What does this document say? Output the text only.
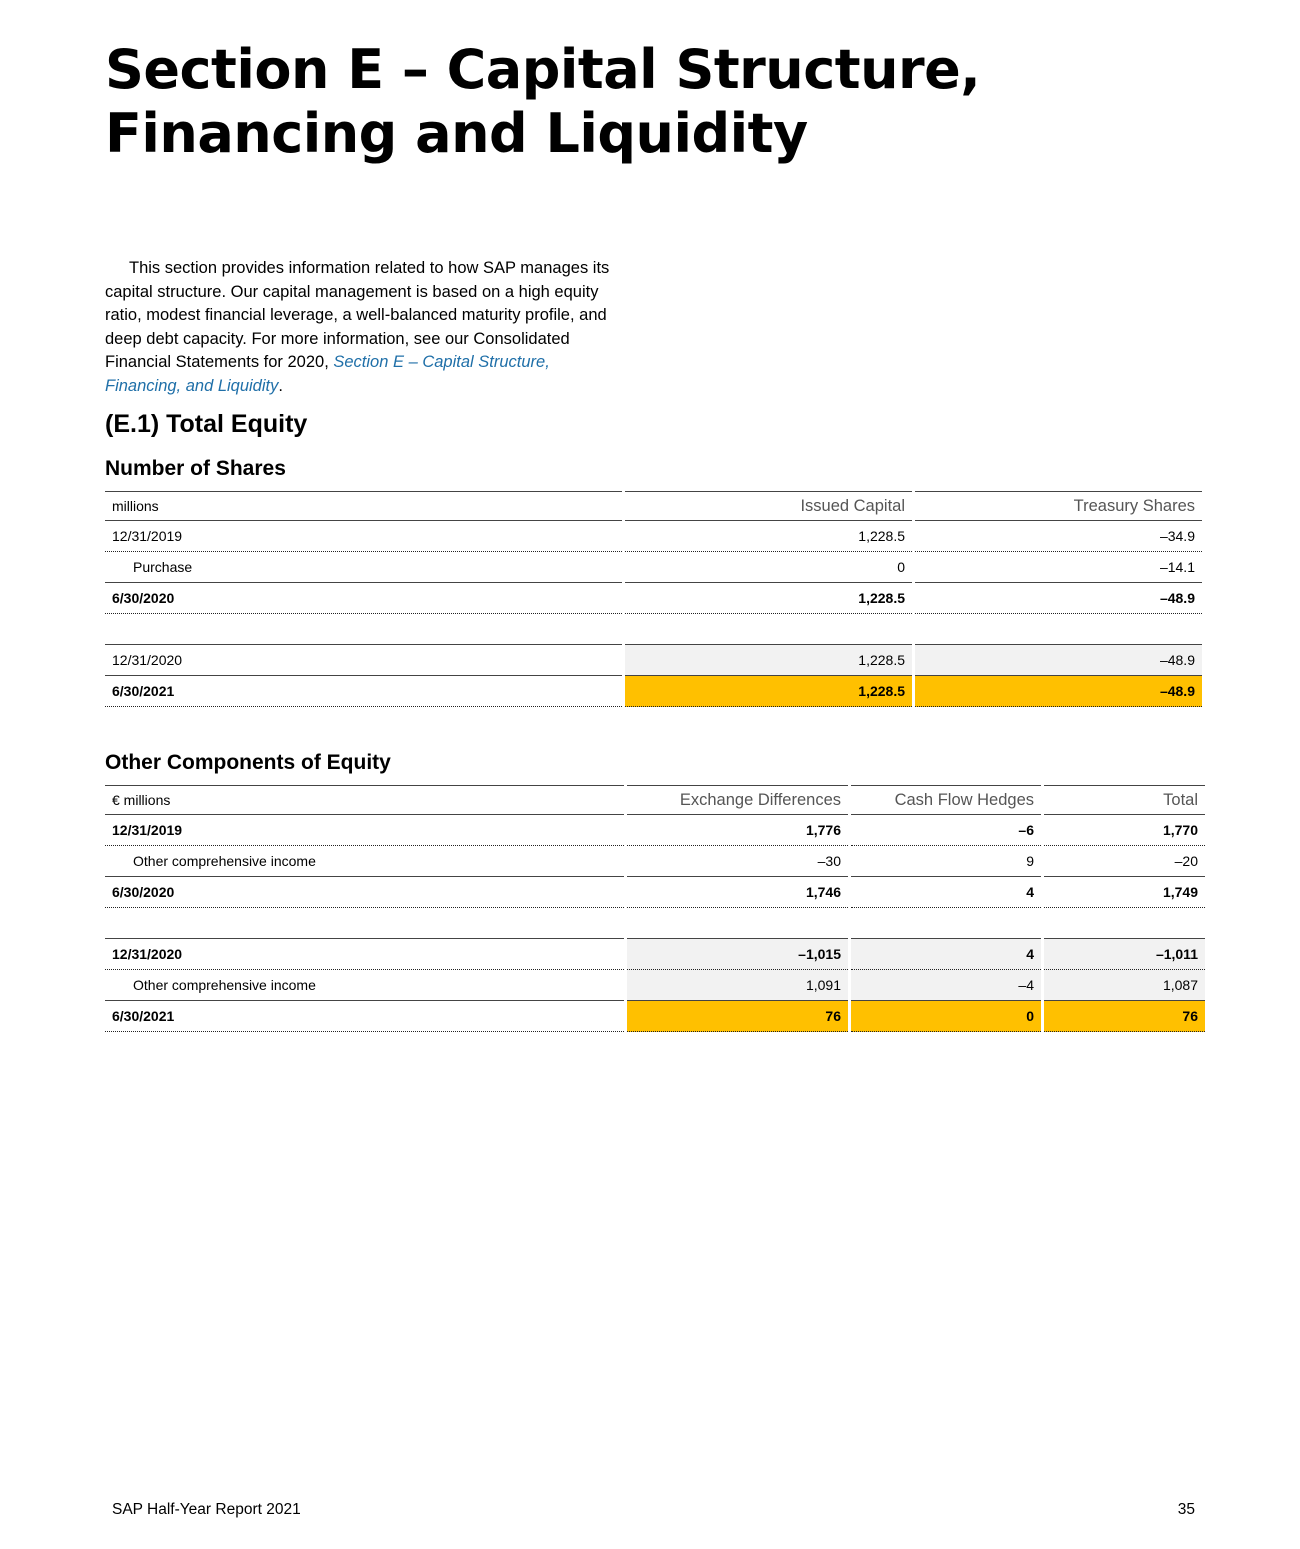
Section E – Capital Structure,
Financing and Liquidity
This section provides information related to how SAP manages its capital structure. Our capital management is based on a high equity ratio, modest financial leverage, a well-balanced maturity profile, and deep debt capacity. For more information, see our Consolidated Financial Statements for 2020, Section E – Capital Structure, Financing, and Liquidity.
(E.1) Total Equity
Number of Shares
millions	Issued Capital	Treasury Shares
12/31/2019	1,228.5	–34.9
Purchase	0	–14.1
6/30/2020	1,228.5	–48.9

12/31/2020	1,228.5	–48.9
6/30/2021	1,228.5	–48.9
Other Components of Equity
€ millions	Exchange Differences	Cash Flow Hedges	Total
12/31/2019	1,776	–6	1,770
Other comprehensive income	–30	9	–20
6/30/2020	1,746	4	1,749

12/31/2020	–1,015	4	–1,011
Other comprehensive income	1,091	–4	1,087
6/30/2021	76	0	76
SAP Half-Year Report 2021	35
